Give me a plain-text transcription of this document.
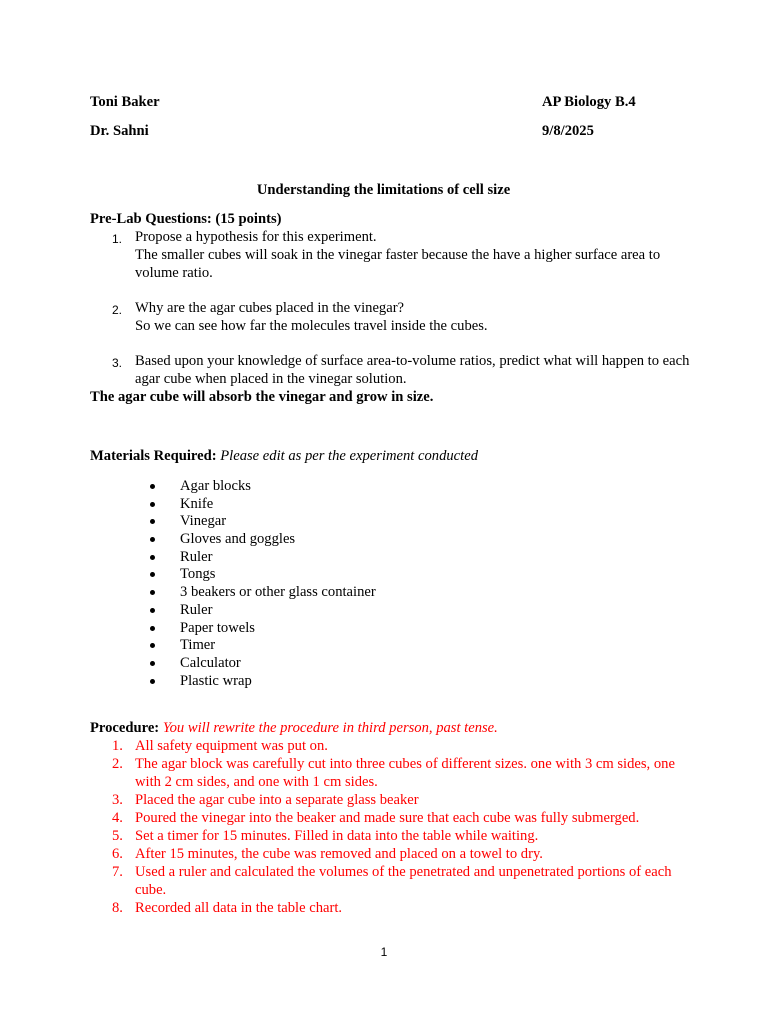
Toni Baker	AP Biology B.4
Dr. Sahni	9/8/2025
Understanding the limitations of cell size
Pre-Lab Questions: (15 points)
1. Propose a hypothesis for this experiment.
The smaller cubes will soak in the vinegar faster because the have a higher surface area to volume ratio.
2. Why are the agar cubes placed in the vinegar?
So we can see how far the molecules travel inside the cubes.
3. Based upon your knowledge of surface area-to-volume ratios, predict what will happen to each agar cube when placed in the vinegar solution.
The agar cube will absorb the vinegar and grow in size.
Materials Required: Please edit as per the experiment conducted
Agar blocks
Knife
Vinegar
Gloves and goggles
Ruler
Tongs
3 beakers or other glass container
Ruler
Paper towels
Timer
Calculator
Plastic wrap
Procedure: You will rewrite the procedure in third person, past tense.
1. All safety equipment was put on.
2. The agar block was carefully cut into three cubes of different sizes. one with 3 cm sides, one with 2 cm sides, and one with 1 cm sides.
3. Placed the agar cube into a separate glass beaker
4. Poured the vinegar into the beaker and made sure that each cube was fully submerged.
5. Set a timer for 15 minutes. Filled in data into the table while waiting.
6. After 15 minutes, the cube was removed and placed on a towel to dry.
7. Used a ruler and calculated the volumes of the penetrated and unpenetrated portions of each cube.
8. Recorded all data in the table chart.
1
